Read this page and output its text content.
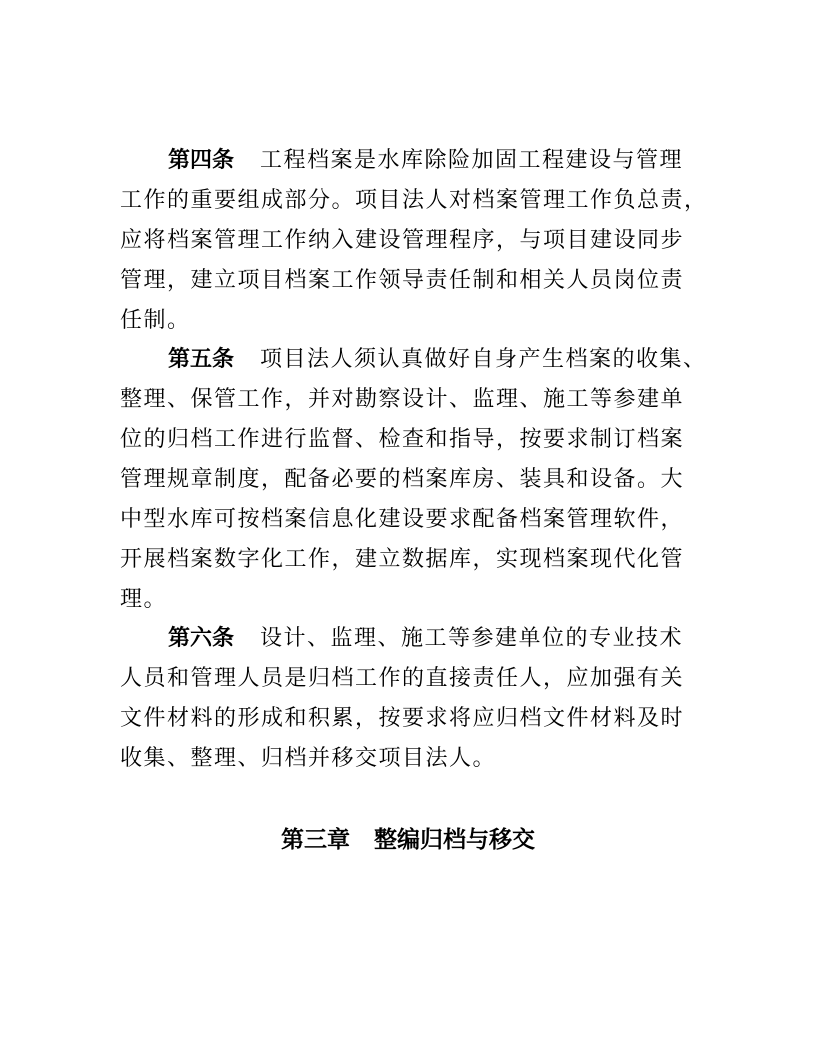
第四条 工程档案是水库除险加固工程建设与管理
工作的重要组成部分。项目法人对档案管理工作负总责，
应将档案管理工作纳入建设管理程序，与项目建设同步
管理，建立项目档案工作领导责任制和相关人员岗位责
任制。
第五条 项目法人须认真做好自身产生档案的收集、
整理、保管工作，并对勘察设计、监理、施工等参建单
位的归档工作进行监督、检查和指导，按要求制订档案
管理规章制度，配备必要的档案库房、装具和设备。大
中型水库可按档案信息化建设要求配备档案管理软件，
开展档案数字化工作，建立数据库，实现档案现代化管
理。
第六条 设计、监理、施工等参建单位的专业技术
人员和管理人员是归档工作的直接责任人，应加强有关
文件材料的形成和积累，按要求将应归档文件材料及时
收集、整理、归档并移交项目法人。
第三章 整编归档与移交
